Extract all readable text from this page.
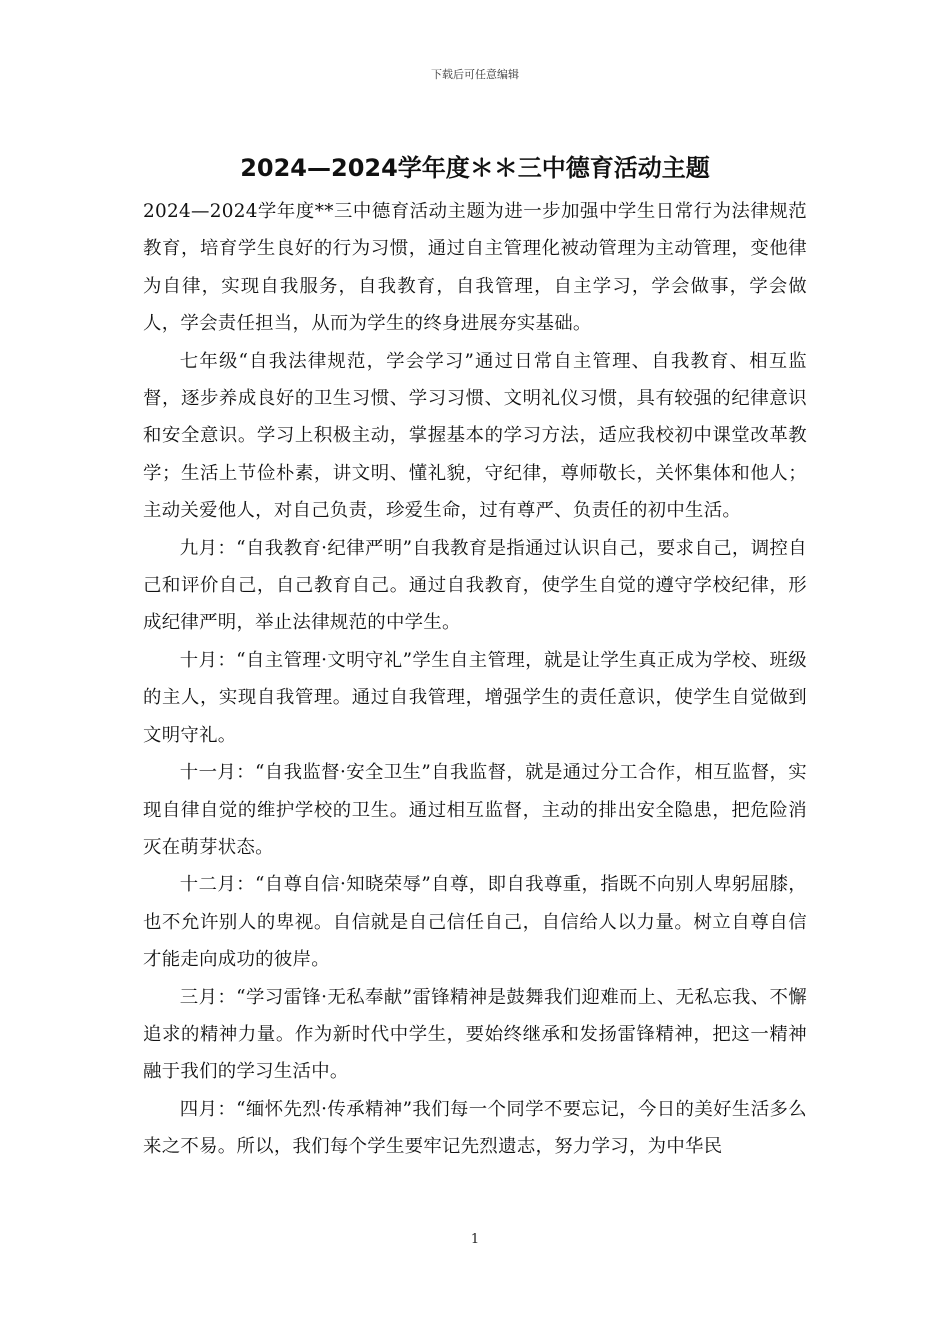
下载后可任意编辑
2024—2024学年度＊＊三中德育活动主题

2024—2024学年度**三中德育活动主题为进一步加强中学生日常行为法律规范教育，培育学生良好的行为习惯，通过自主管理化被动管理为主动管理，变他律为自律，实现自我服务，自我教育，自我管理，自主学习，学会做事，学会做人，学会责任担当，从而为学生的终身进展夯实基础。

七年级“自我法律规范，学会学习”通过日常自主管理、自我教育、相互监督，逐步养成良好的卫生习惯、学习习惯、文明礼仪习惯，具有较强的纪律意识和安全意识。学习上积极主动，掌握基本的学习方法，适应我校初中课堂改革教学；生活上节俭朴素，讲文明、懂礼貌，守纪律，尊师敬长，关怀集体和他人；主动关爱他人，对自己负责，珍爱生命，过有尊严、负责任的初中生活。

九月：“自我教育·纪律严明”自我教育是指通过认识自己，要求自己，调控自己和评价自己，自己教育自己。通过自我教育，使学生自觉的遵守学校纪律，形成纪律严明，举止法律规范的中学生。

十月：“自主管理·文明守礼”学生自主管理，就是让学生真正成为学校、班级的主人，实现自我管理。通过自我管理，增强学生的责任意识，使学生自觉做到文明守礼。

十一月：“自我监督·安全卫生”自我监督，就是通过分工合作，相互监督，实现自律自觉的维护学校的卫生。通过相互监督，主动的排出安全隐患，把危险消灭在萌芽状态。

十二月：“自尊自信·知晓荣辱”自尊，即自我尊重，指既不向别人卑躬屈膝，也不允许别人的卑视。自信就是自己信任自己，自信给人以力量。树立自尊自信才能走向成功的彼岸。

三月：“学习雷锋·无私奉献”雷锋精神是鼓舞我们迎难而上、无私忘我、不懈追求的精神力量。作为新时代中学生，要始终继承和发扬雷锋精神，把这一精神融于我们的学习生活中。

四月：“缅怀先烈·传承精神”我们每一个同学不要忘记，今日的美好生活多么来之不易。所以，我们每个学生要牢记先烈遗志，努力学习，为中华民

1
